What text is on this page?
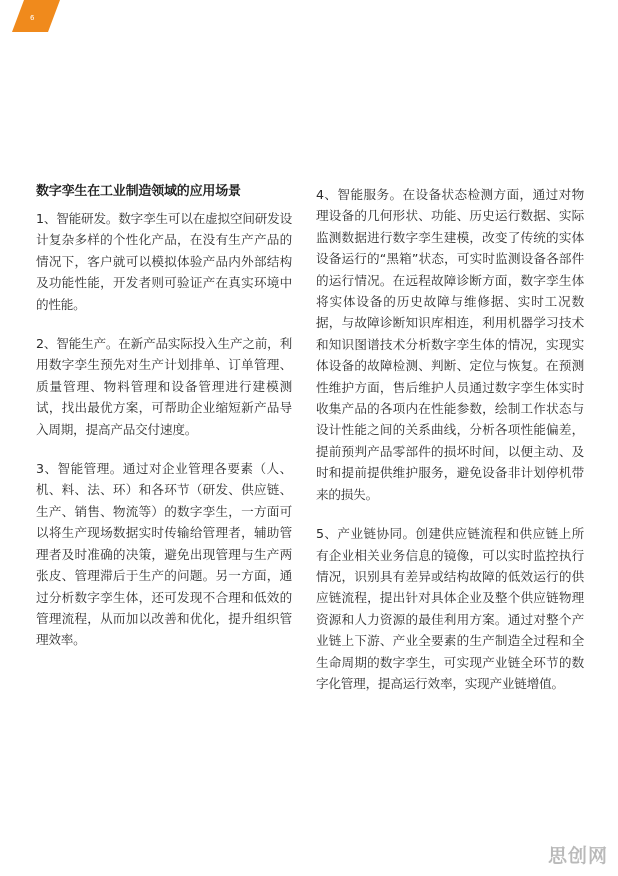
6
数字孪生在工业制造领域的应用场景

1、智能研发。数字孪生可以在虚拟空间研发设计复杂多样的个性化产品，在没有生产产品的情况下，客户就可以模拟体验产品内外部结构及功能性能，开发者则可验证产在真实环境中的性能。

2、智能生产。在新产品实际投入生产之前，利用数字孪生预先对生产计划排单、订单管理、质量管理、物料管理和设备管理进行建模测试，找出最优方案，可帮助企业缩短新产品导入周期，提高产品交付速度。

3、智能管理。通过对企业管理各要素（人、机、料、法、环）和各环节（研发、供应链、生产、销售、物流等）的数字孪生，一方面可以将生产现场数据实时传输给管理者，辅助管理者及时准确的决策，避免出现管理与生产两张皮、管理滞后于生产的问题。另一方面，通过分析数字孪生体，还可发现不合理和低效的管理流程，从而加以改善和优化，提升组织管理效率。

4、智能服务。在设备状态检测方面，通过对物理设备的几何形状、功能、历史运行数据、实际监测数据进行数字孪生建模，改变了传统的实体设备运行的“黑箱”状态，可实时监测设备各部件的运行情况。在远程故障诊断方面，数字孪生体将实体设备的历史故障与维修据、实时工况数据，与故障诊断知识库相连，利用机器学习技术和知识图谱技术分析数字孪生体的情况，实现实体设备的故障检测、判断、定位与恢复。在预测性维护方面，售后维护人员通过数字孪生体实时收集产品的各项内在性能参数，绘制工作状态与设计性能之间的关系曲线，分析各项性能偏差，提前预判产品零部件的损坏时间，以便主动、及时和提前提供维护服务，避免设备非计划停机带来的损失。

5、产业链协同。创建供应链流程和供应链上所有企业相关业务信息的镜像，可以实时监控执行情况，识别具有差异或结构故障的低效运行的供应链流程，提出针对具体企业及整个供应链物理资源和人力资源的最佳利用方案。通过对整个产业链上下游、产业全要素的生产制造全过程和全生命周期的数字孪生，可实现产业链全环节的数字化管理，提高运行效率，实现产业链增值。

思创网
